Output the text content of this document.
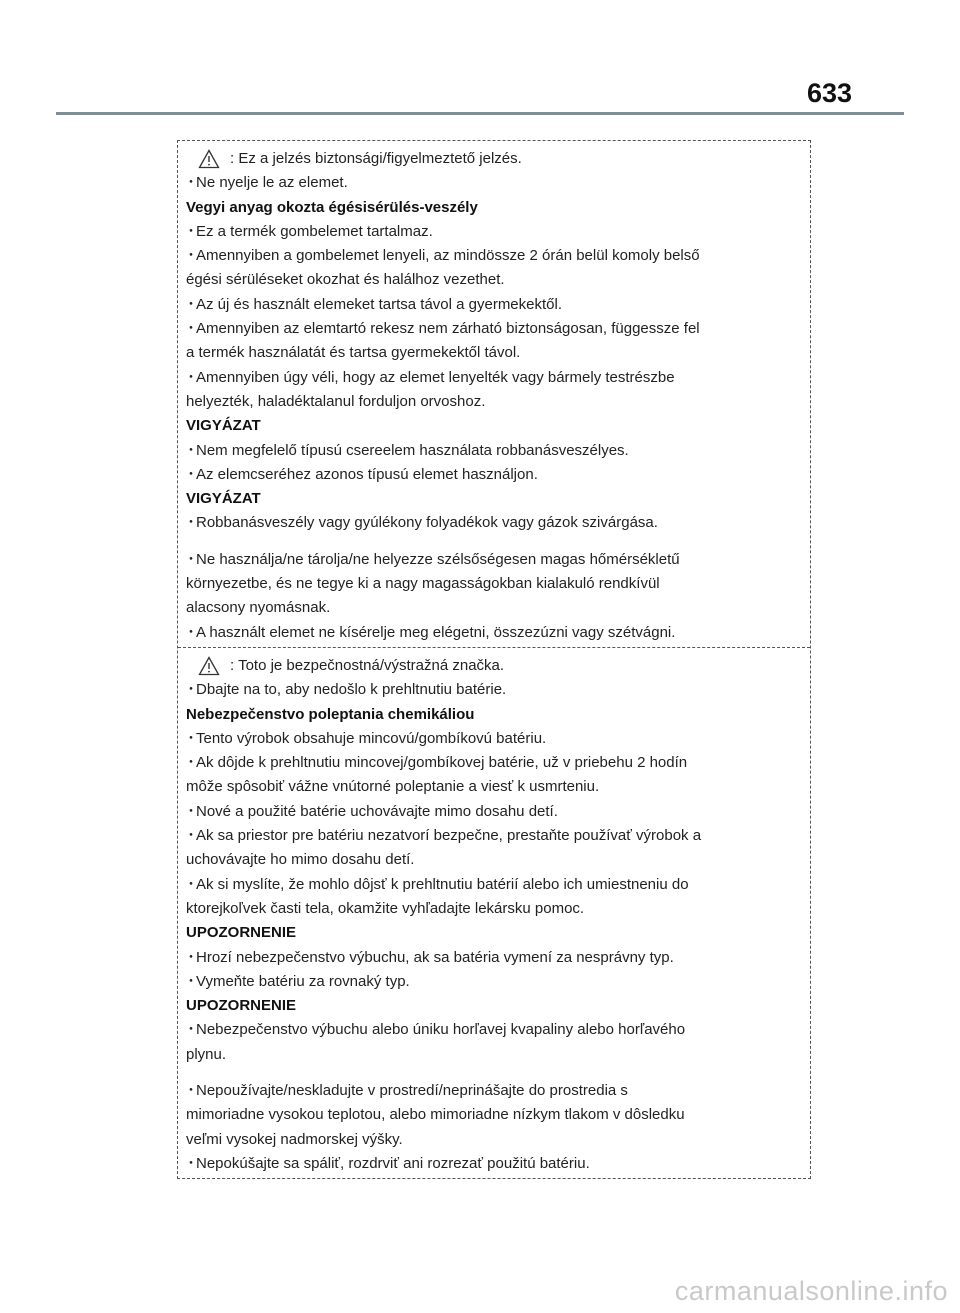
633
: Ez a jelzés biztonsági/figyelmeztető jelzés.
･Ne nyelje le az elemet.
Vegyi anyag okozta égésisérülés-veszély
･Ez a termék gombelemet tartalmaz.
･Amennyiben a gombelemet lenyeli, az mindössze 2 órán belül komoly belső
égési sérüléseket okozhat és halálhoz vezethet.
･Az új és használt elemeket tartsa távol a gyermekektől.
･Amennyiben az elemtartó rekesz nem zárható biztonságosan, függessze fel
a termék használatát és tartsa gyermekektől távol.
･Amennyiben úgy véli, hogy az elemet lenyelték vagy bármely testrészbe
helyezték, haladéktalanul forduljon orvoshoz.
VIGYÁZAT
･Nem megfelelő típusú csereelem használata robbanásveszélyes.
･Az elemcseréhez azonos típusú elemet használjon.
VIGYÁZAT
･Robbanásveszély vagy gyúlékony folyadékok vagy gázok szivárgása.
･Ne használja/ne tárolja/ne helyezze szélsőségesen magas hőmérsékletű
környezetbe, és ne tegye ki a nagy magasságokban kialakuló rendkívül
alacsony nyomásnak.
･A használt elemet ne kísérelje meg elégetni, összezúzni vagy szétvágni.
: Toto je bezpečnostná/výstražná značka.
･Dbajte na to, aby nedošlo k prehltnutiu batérie.
Nebezpečenstvo poleptania chemikáliou
･Tento výrobok obsahuje mincovú/gombíkovú batériu.
･Ak dôjde k prehltnutiu mincovej/gombíkovej batérie, už v priebehu 2 hodín
môže spôsobiť vážne vnútorné poleptanie a viesť k usmrteniu.
･Nové a použité batérie uchovávajte mimo dosahu detí.
･Ak sa priestor pre batériu nezatvorí bezpečne, prestaňte používať výrobok a
uchovávajte ho mimo dosahu detí.
･Ak si myslíte, že mohlo dôjsť k prehltnutiu batérií alebo ich umiestneniu do
ktorejkoľvek časti tela, okamžite vyhľadajte lekársku pomoc.
UPOZORNENIE
･Hrozí nebezpečenstvo výbuchu, ak sa batéria vymení za nesprávny typ.
･Vymeňte batériu za rovnaký typ.
UPOZORNENIE
･Nebezpečenstvo výbuchu alebo úniku horľavej kvapaliny alebo horľavého
plynu.
･Nepoužívajte/neskladujte v prostredí/neprinášajte do prostredia s
mimoriadne vysokou teplotou, alebo mimoriadne nízkym tlakom v dôsledku
veľmi vysokej nadmorskej výšky.
･Nepokúšajte sa spáliť, rozdrviť ani rozrezať použitú batériu.
carmanualsonline.info
